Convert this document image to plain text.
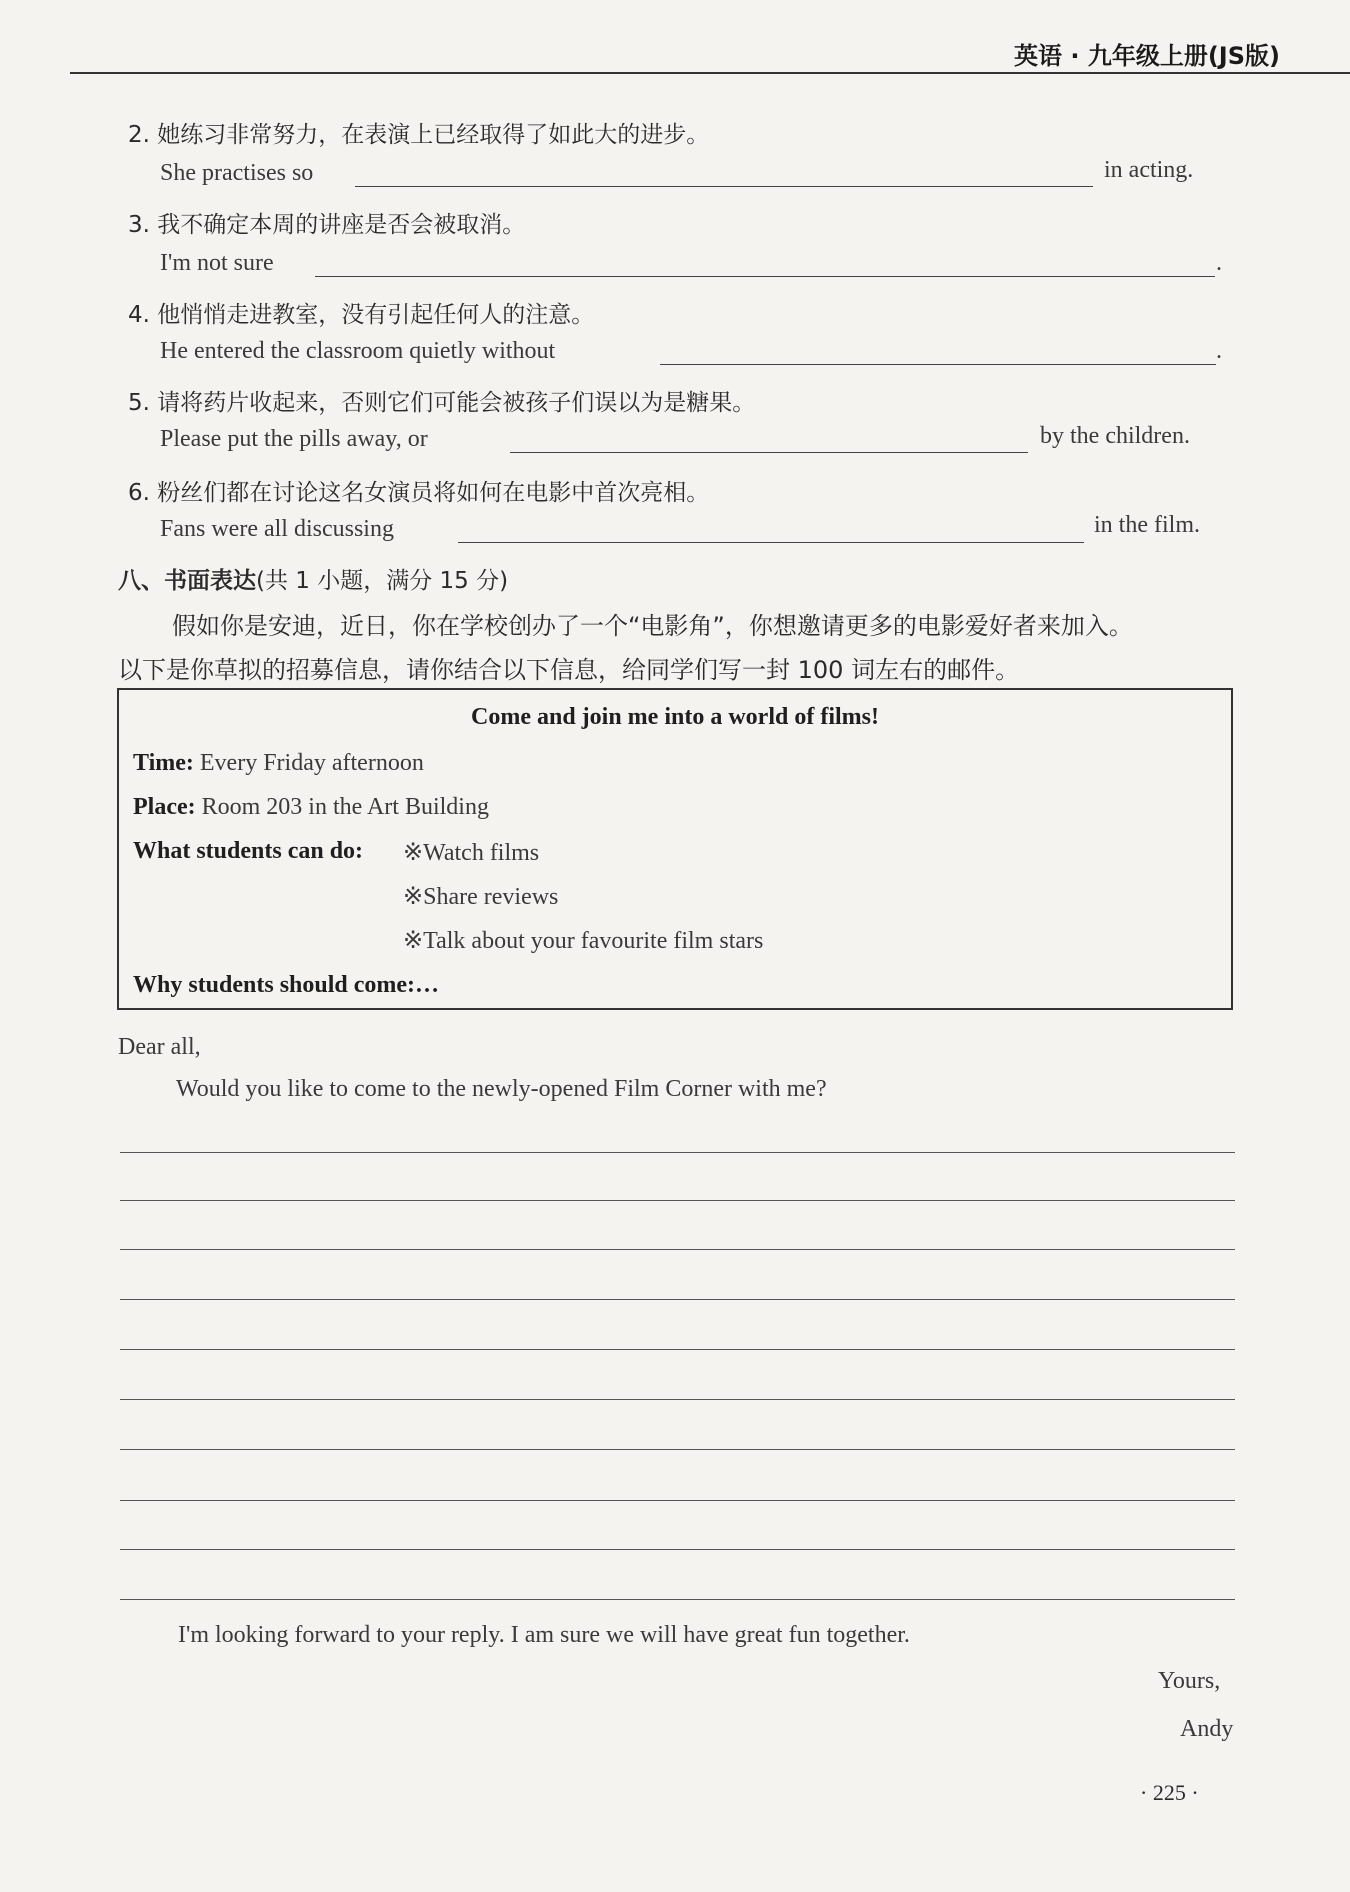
英语 · 九年级上册(JS版)
2. 她练习非常努力，在表演上已经取得了如此大的进步。
She practises so	in acting.
3. 我不确定本周的讲座是否会被取消。
I'm not sure	.
4. 他悄悄走进教室，没有引起任何人的注意。
He entered the classroom quietly without	.
5. 请将药片收起来，否则它们可能会被孩子们误以为是糖果。
Please put the pills away, or	by the children.
6. 粉丝们都在讨论这名女演员将如何在电影中首次亮相。
Fans were all discussing	in the film.
八、书面表达(共 1 小题，满分 15 分)
假如你是安迪，近日，你在学校创办了一个“电影角”，你想邀请更多的电影爱好者来加入。
以下是你草拟的招募信息，请你结合以下信息，给同学们写一封 100 词左右的邮件。
Come and join me into a world of films!
Time: Every Friday afternoon
Place: Room 203 in the Art Building
What students can do: ※Watch films
※Share reviews
※Talk about your favourite film stars
Why students should come:…
Dear all,
Would you like to come to the newly-opened Film Corner with me?
I'm looking forward to your reply. I am sure we will have great fun together.
Yours,
Andy
· 225 ·
